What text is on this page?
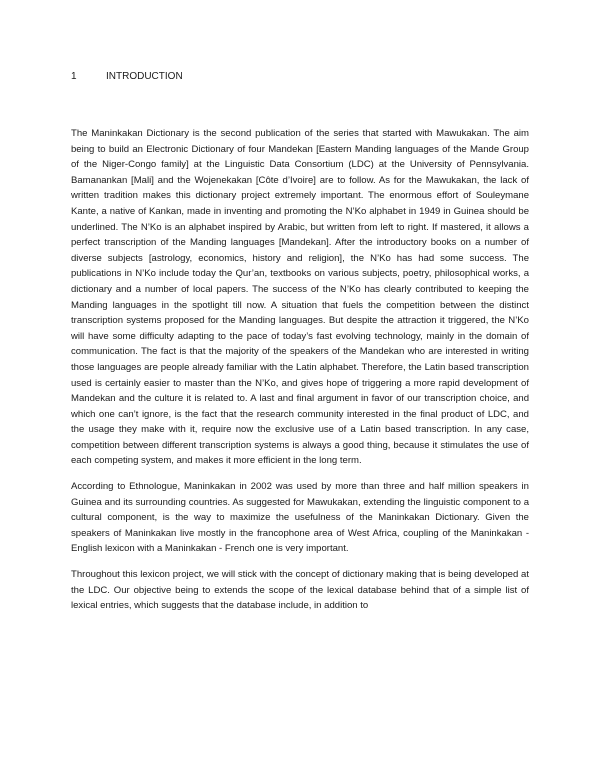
1	INTRODUCTION

The Maninkakan Dictionary is the second publication of the series that started with Mawukakan. The aim being to build an Electronic Dictionary of four Mandekan [Eastern Manding languages of the Mande Group of the Niger-Congo family] at the Linguistic Data Consortium (LDC) at the University of Pennsylvania. Bamanankan [Mali] and the Wojenekakan [Côte d’Ivoire] are to follow. As for the Mawukakan, the lack of written tradition makes this dictionary project extremely important. The enormous effort of Souleymane Kante, a native of Kankan, made in inventing and promoting the N’Ko alphabet in 1949 in Guinea should be underlined. The N’Ko is an alphabet inspired by Arabic, but written from left to right. If mastered, it allows a perfect transcription of the Manding languages [Mandekan]. After the introductory books on a number of diverse subjects [astrology, economics, history and religion], the N’Ko has had some success. The publications in N’Ko include today the Qur’an, textbooks on various subjects, poetry, philosophical works, a dictionary and a number of local papers. The success of the N’Ko has clearly contributed to keeping the Manding languages in the spotlight till now. A situation that fuels the competition between the distinct transcription systems proposed for the Manding languages. But despite the attraction it triggered, the N’Ko will have some difficulty adapting to the pace of today’s fast evolving technology, mainly in the domain of communication. The fact is that the majority of the speakers of the Mandekan who are interested in writing those languages are people already familiar with the Latin alphabet. Therefore, the Latin based transcription used is certainly easier to master than the N’Ko, and gives hope of triggering a more rapid development of Mandekan and the culture it is related to. A last and final argument in favor of our transcription choice, and which one can’t ignore, is the fact that the research community interested in the final product of LDC, and the usage they make with it, require now the exclusive use of a Latin based transcription. In any case, competition between different transcription systems is always a good thing, because it stimulates the use of each competing system, and makes it more efficient in the long term.

According to Ethnologue, Maninkakan in 2002 was used by more than three and half million speakers in Guinea and its surrounding countries. As suggested for Mawukakan, extending the linguistic component to a cultural component, is the way to maximize the usefulness of the Maninkakan Dictionary. Given the speakers of Maninkakan live mostly in the francophone area of West Africa, coupling of the Maninkakan - English lexicon with a Maninkakan - French one is very important.

Throughout this lexicon project, we will stick with the concept of dictionary making that is being developed at the LDC. Our objective being to extends the scope of the lexical database behind that of a simple list of lexical entries, which suggests that the database include, in addition to
